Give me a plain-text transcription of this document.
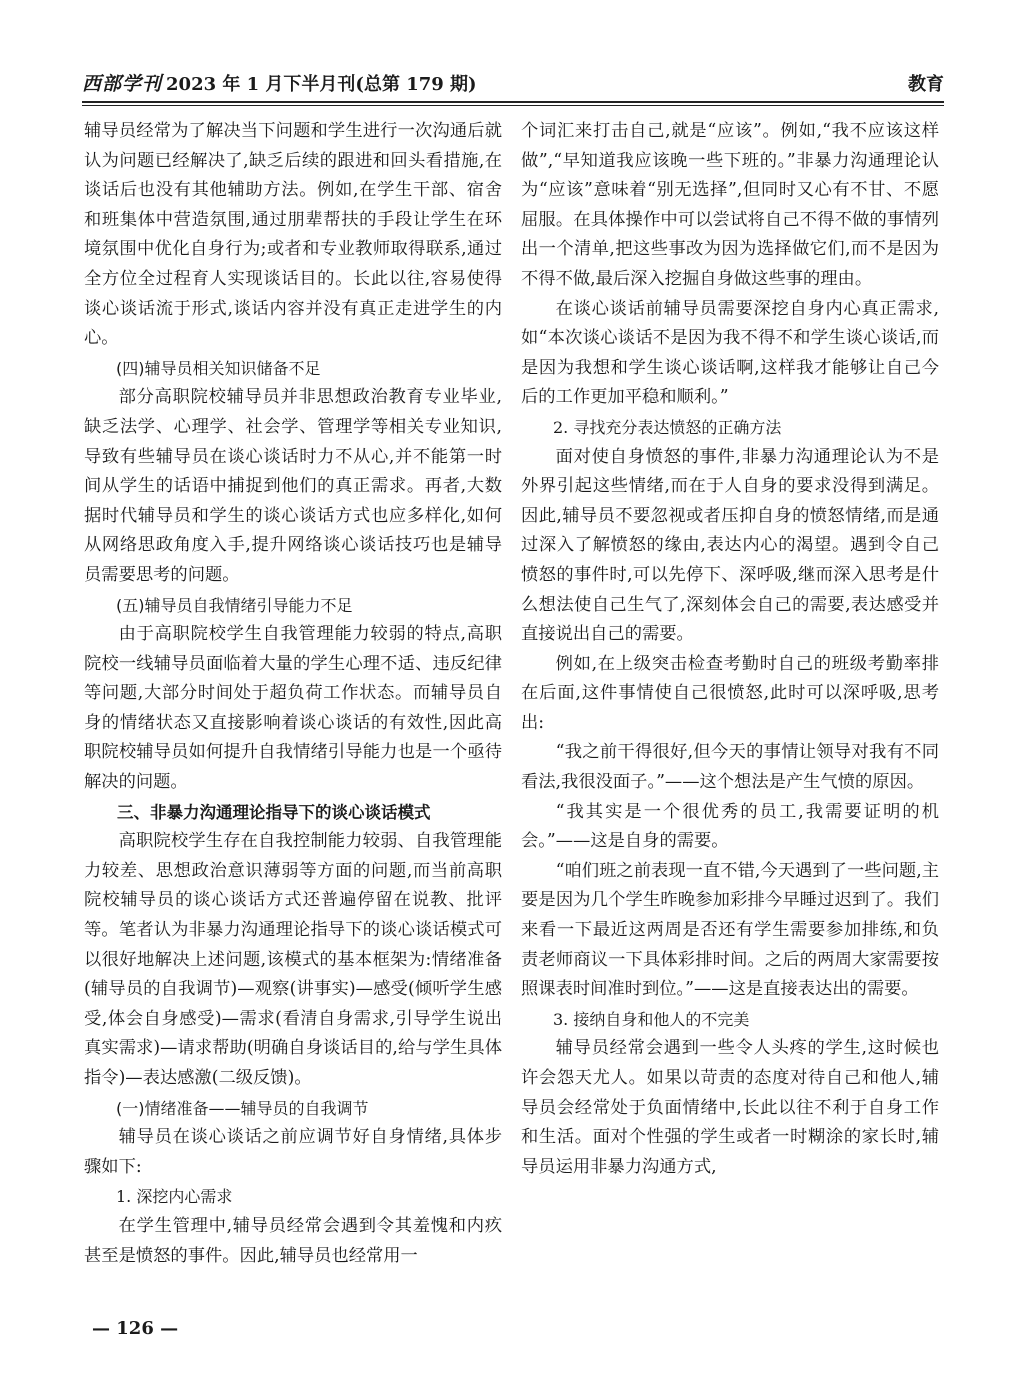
西部学刊 2023 年 1 月下半月刊(总第 179 期)	教育

辅导员经常为了解决当下问题和学生进行一次沟通后就认为问题已经解决了,缺乏后续的跟进和回头看措施,在谈话后也没有其他辅助方法。例如,在学生干部、宿舍和班集体中营造氛围,通过朋辈帮扶的手段让学生在环境氛围中优化自身行为;或者和专业教师取得联系,通过全方位全过程育人实现谈话目的。长此以往,容易使得谈心谈话流于形式,谈话内容并没有真正走进学生的内心。

(四)辅导员相关知识储备不足

部分高职院校辅导员并非思想政治教育专业毕业,缺乏法学、心理学、社会学、管理学等相关专业知识,导致有些辅导员在谈心谈话时力不从心,并不能第一时间从学生的话语中捕捉到他们的真正需求。再者,大数据时代辅导员和学生的谈心谈话方式也应多样化,如何从网络思政角度入手,提升网络谈心谈话技巧也是辅导员需要思考的问题。

(五)辅导员自我情绪引导能力不足

由于高职院校学生自我管理能力较弱的特点,高职院校一线辅导员面临着大量的学生心理不适、违反纪律等问题,大部分时间处于超负荷工作状态。而辅导员自身的情绪状态又直接影响着谈心谈话的有效性,因此高职院校辅导员如何提升自我情绪引导能力也是一个亟待解决的问题。

三、非暴力沟通理论指导下的谈心谈话模式

高职院校学生存在自我控制能力较弱、自我管理能力较差、思想政治意识薄弱等方面的问题,而当前高职院校辅导员的谈心谈话方式还普遍停留在说教、批评等。笔者认为非暴力沟通理论指导下的谈心谈话模式可以很好地解决上述问题,该模式的基本框架为:情绪准备(辅导员的自我调节)—观察(讲事实)—感受(倾听学生感受,体会自身感受)—需求(看清自身需求,引导学生说出真实需求)—请求帮助(明确自身谈话目的,给与学生具体指令)—表达感激(二级反馈)。

(一)情绪准备——辅导员的自我调节

辅导员在谈心谈话之前应调节好自身情绪,具体步骤如下:

1. 深挖内心需求

在学生管理中,辅导员经常会遇到令其羞愧和内疚甚至是愤怒的事件。因此,辅导员也经常用一

个词汇来打击自己,就是“应该”。例如,“我不应该这样做”,“早知道我应该晚一些下班的。”非暴力沟通理论认为“应该”意味着“别无选择”,但同时又心有不甘、不愿屈服。在具体操作中可以尝试将自己不得不做的事情列出一个清单,把这些事改为因为选择做它们,而不是因为不得不做,最后深入挖掘自身做这些事的理由。

在谈心谈话前辅导员需要深挖自身内心真正需求,如“本次谈心谈话不是因为我不得不和学生谈心谈话,而是因为我想和学生谈心谈话啊,这样我才能够让自己今后的工作更加平稳和顺利。”

2. 寻找充分表达愤怒的正确方法

面对使自身愤怒的事件,非暴力沟通理论认为不是外界引起这些情绪,而在于人自身的要求没得到满足。因此,辅导员不要忽视或者压抑自身的愤怒情绪,而是通过深入了解愤怒的缘由,表达内心的渴望。遇到令自己愤怒的事件时,可以先停下、深呼吸,继而深入思考是什么想法使自己生气了,深刻体会自己的需要,表达感受并直接说出自己的需要。

例如,在上级突击检查考勤时自己的班级考勤率排在后面,这件事情使自己很愤怒,此时可以深呼吸,思考出:

“我之前干得很好,但今天的事情让领导对我有不同看法,我很没面子。”——这个想法是产生气愤的原因。

“我其实是一个很优秀的员工,我需要证明的机会。”——这是自身的需要。

“咱们班之前表现一直不错,今天遇到了一些问题,主要是因为几个学生昨晚参加彩排今早睡过迟到了。我们来看一下最近这两周是否还有学生需要参加排练,和负责老师商议一下具体彩排时间。之后的两周大家需要按照课表时间准时到位。”——这是直接表达出的需要。

3. 接纳自身和他人的不完美

辅导员经常会遇到一些令人头疼的学生,这时候也许会怨天尤人。如果以苛责的态度对待自己和他人,辅导员会经常处于负面情绪中,长此以往不利于自身工作和生活。面对个性强的学生或者一时糊涂的家长时,辅导员运用非暴力沟通方式,

— 126 —
